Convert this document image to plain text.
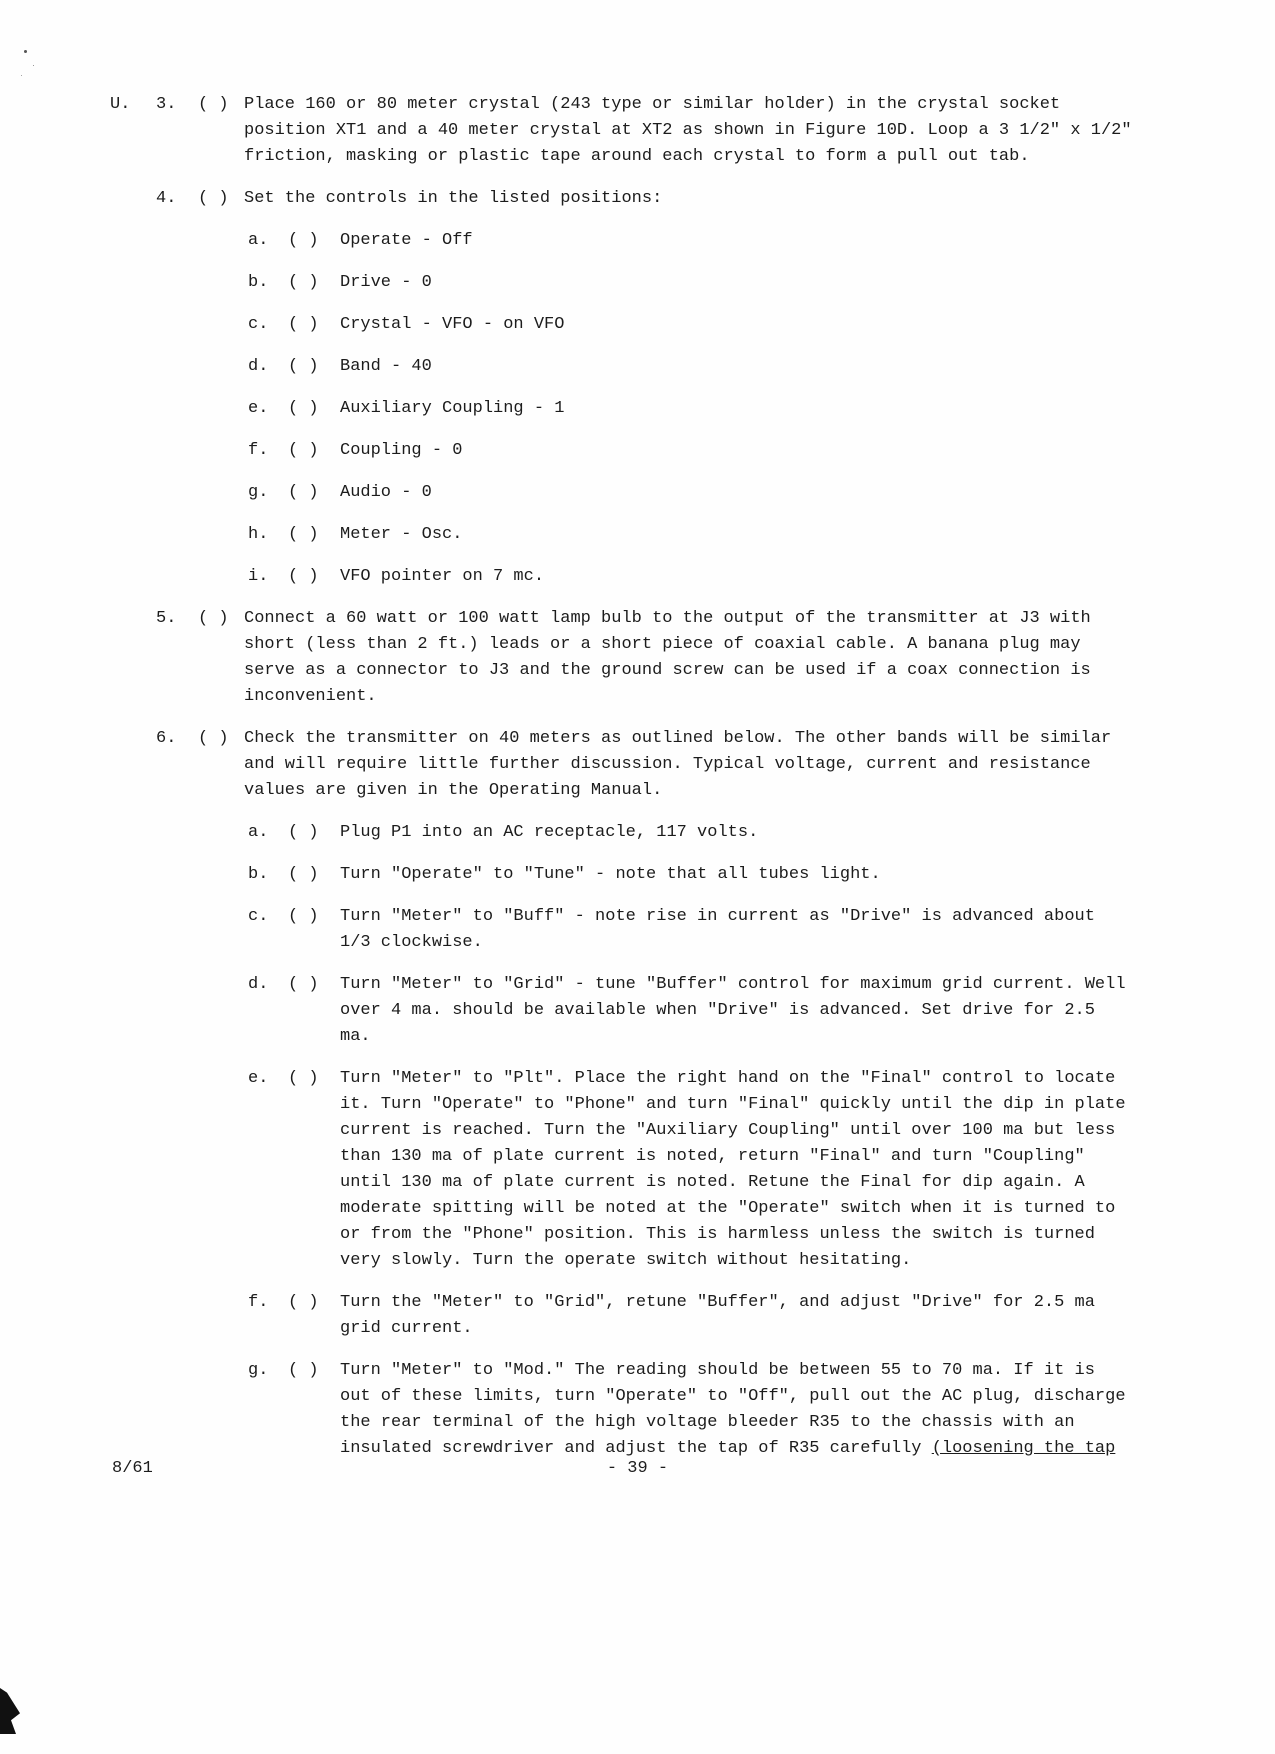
U.	3.	( ) Place 160 or 80 meter crystal (243 type or similar holder) in the crystal socket position XT1 and a 40 meter crystal at XT2 as shown in Figure 10D. Loop a 3 1/2" x 1/2" friction, masking or plastic tape around each crystal to form a pull out tab.
4.	( ) Set the controls in the listed positions:
a.	( )	Operate - Off
b.	( )	Drive - 0
c.	( )	Crystal - VFO - on VFO
d.	( )	Band - 40
e.	( )	Auxiliary Coupling - 1
f.	( )	Coupling - 0
g.	( )	Audio - 0
h.	( )	Meter - Osc.
i.	( )	VFO pointer on 7 mc.
5.	( ) Connect a 60 watt or 100 watt lamp bulb to the output of the transmitter at J3 with short (less than 2 ft.) leads or a short piece of coaxial cable. A banana plug may serve as a connector to J3 and the ground screw can be used if a coax connection is inconvenient.
6.	( ) Check the transmitter on 40 meters as outlined below. The other bands will be similar and will require little further discussion. Typical voltage, current and resistance values are given in the Operating Manual.
a.	( )	Plug P1 into an AC receptacle, 117 volts.
b.	( )	Turn "Operate" to "Tune" - note that all tubes light.
c.	( )	Turn "Meter" to "Buff" - note rise in current as "Drive" is advanced about 1/3 clockwise.
d.	( )	Turn "Meter" to "Grid" - tune "Buffer" control for maximum grid current. Well over 4 ma. should be available when "Drive" is advanced. Set drive for 2.5 ma.
e.	( )	Turn "Meter" to "Plt". Place the right hand on the "Final" control to locate it. Turn "Operate" to "Phone" and turn "Final" quickly until the dip in plate current is reached. Turn the "Auxiliary Coupling" until over 100 ma but less than 130 ma of plate current is noted, return "Final" and turn "Coupling" until 130 ma of plate current is noted. Retune the Final for dip again. A moderate spitting will be noted at the "Operate" switch when it is turned to or from the "Phone" position. This is harmless unless the switch is turned very slowly. Turn the operate switch without hesitating.
f.	( )	Turn the "Meter" to "Grid", retune "Buffer", and adjust "Drive" for 2.5 ma grid current.
g.	( )	Turn "Meter" to "Mod." The reading should be between 55 to 70 ma. If it is out of these limits, turn "Operate" to "Off", pull out the AC plug, discharge the rear terminal of the high voltage bleeder R35 to the chassis with an insulated screwdriver and adjust the tap of R35 carefully (loosening the tap
8/61	- 39 -
